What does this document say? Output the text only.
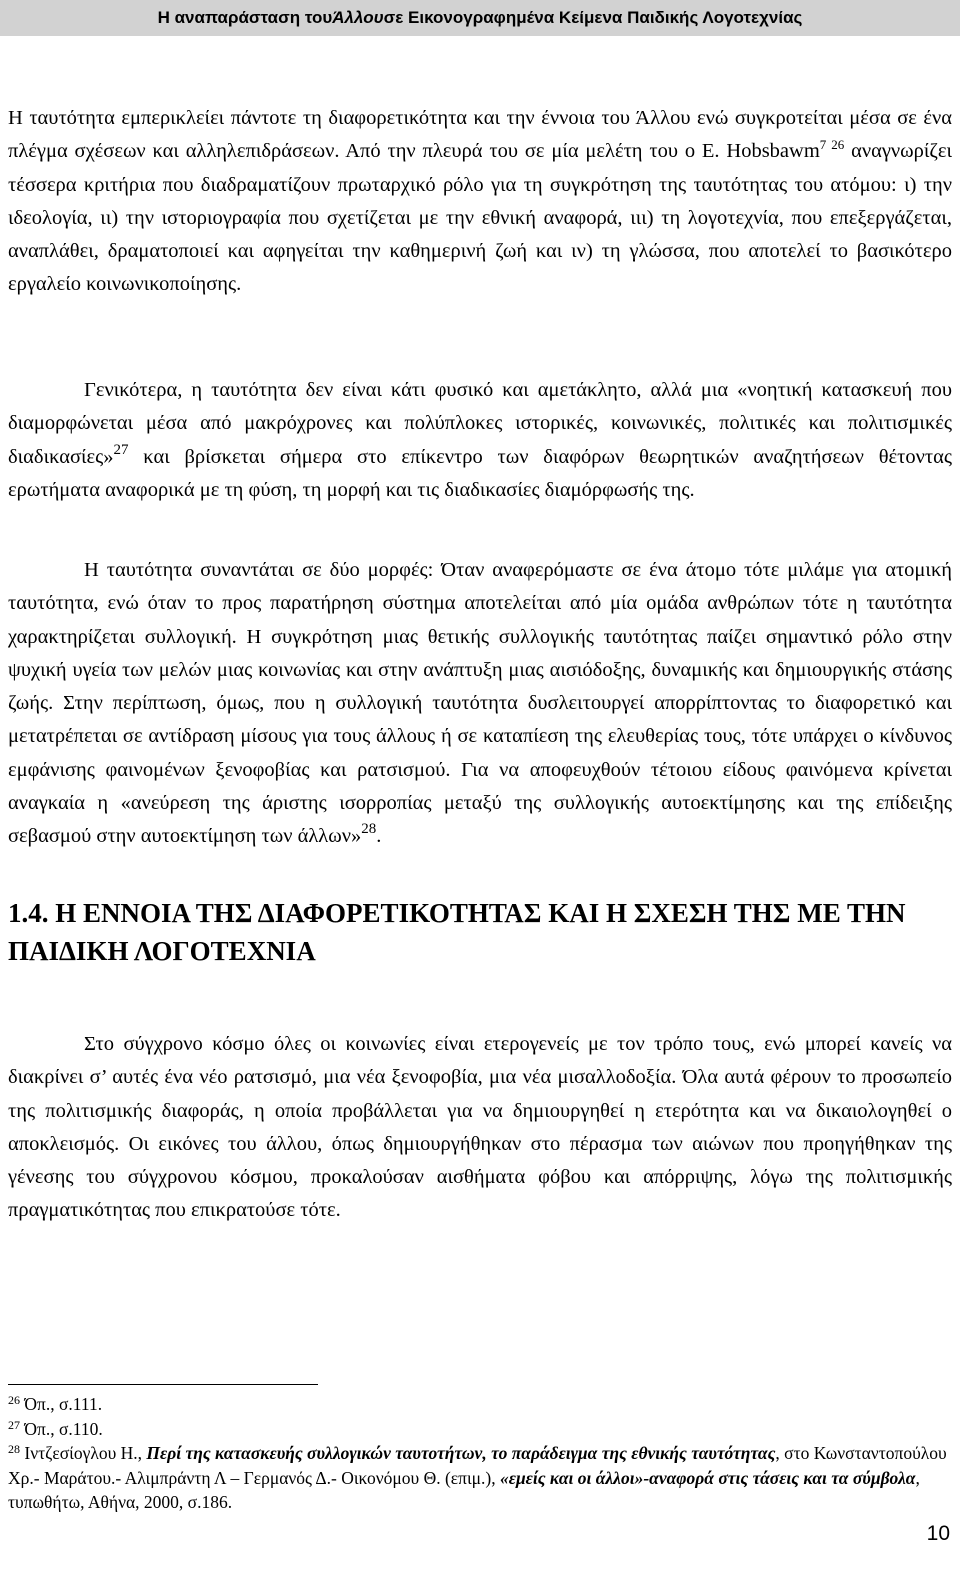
Η αναπαράσταση του Άλλου σε Εικονογραφημένα Κείμενα Παιδικής Λογοτεχνίας

Η ταυτότητα εμπερικλείει πάντοτε τη διαφορετικότητα και την έννοια του Άλλου ενώ συγκροτείται μέσα σε ένα πλέγμα σχέσεων και αλληλεπιδράσεων. Από την πλευρά του σε μία μελέτη του ο Ε. Hobsbawm$^{7 26}$ αναγνωρίζει τέσσερα κριτήρια που διαδραματίζουν πρωταρχικό ρόλο για τη συγκρότηση της ταυτότητας του ατόμου: ι) την ιδεολογία, ιι) την ιστοριογραφία που σχετίζεται με την εθνική αναφορά, ιιι) τη λογοτεχνία, που επεξεργάζεται, αναπλάθει, δραματοποιεί και αφηγείται την καθημερινή ζωή και ιν) τη γλώσσα, που αποτελεί το βασικότερο εργαλείο κοινωνικοποίησης.

Γενικότερα, η ταυτότητα δεν είναι κάτι φυσικό και αμετάκλητο, αλλά μια «νοητική κατασκευή που διαμορφώνεται μέσα από μακρόχρονες και πολύπλοκες ιστορικές, κοινωνικές, πολιτικές και πολιτισμικές διαδικασίες»$^{27}$ και βρίσκεται σήμερα στο επίκεντρο των διαφόρων θεωρητικών αναζητήσεων θέτοντας ερωτήματα αναφορικά με τη φύση, τη μορφή και τις διαδικασίες διαμόρφωσής της.

Η ταυτότητα συναντάται σε δύο μορφές: Όταν αναφερόμαστε σε ένα άτομο τότε μιλάμε για ατομική ταυτότητα, ενώ όταν το προς παρατήρηση σύστημα αποτελείται από μία ομάδα ανθρώπων τότε η ταυτότητα χαρακτηρίζεται συλλογική. Η συγκρότηση μιας θετικής συλλογικής ταυτότητας παίζει σημαντικό ρόλο στην ψυχική υγεία των μελών μιας κοινωνίας και στην ανάπτυξη μιας αισιόδοξης, δυναμικής και δημιουργικής στάσης ζωής. Στην περίπτωση, όμως, που η συλλογική ταυτότητα δυσλειτουργεί απορρίπτοντας το διαφορετικό και μετατρέπεται σε αντίδραση μίσους για τους άλλους ή σε καταπίεση της ελευθερίας τους, τότε υπάρχει ο κίνδυνος εμφάνισης φαινομένων ξενοφοβίας και ρατσισμού. Για να αποφευχθούν τέτοιου είδους φαινόμενα κρίνεται αναγκαία η «ανεύρεση της άριστης ισορροπίας μεταξύ της συλλογικής αυτοεκτίμησης και της επίδειξης σεβασμού στην αυτοεκτίμηση των άλλων»$^{28}$.

1.4. Η ΕΝΝΟΙΑ ΤΗΣ ΔΙΑΦΟΡΕΤΙΚΟΤΗΤΑΣ ΚΑΙ Η ΣΧΕΣΗ ΤΗΣ ΜΕ ΤΗΝ ΠΑΙΔΙΚΗ ΛΟΓΟΤΕΧΝΙΑ

Στο σύγχρονο κόσμο όλες οι κοινωνίες είναι ετερογενείς με τον τρόπο τους, ενώ μπορεί κανείς να διακρίνει σ’ αυτές ένα νέο ρατσισμό, μια νέα ξενοφοβία, μια νέα μισαλλοδοξία. Όλα αυτά φέρουν το προσωπείο της πολιτισμικής διαφοράς, η οποία προβάλλεται για να δημιουργηθεί η ετερότητα και να δικαιολογηθεί ο αποκλεισμός. Οι εικόνες του άλλου, όπως δημιουργήθηκαν στο πέρασμα των αιώνων που προηγήθηκαν της γένεσης του σύγχρονου κόσμου, προκαλούσαν αισθήματα φόβου και απόρριψης, λόγω της πολιτισμικής πραγματικότητας που επικρατούσε τότε.

$^{26}$ Όπ., σ.111.
$^{27}$ Όπ., σ.110.
$^{28}$ Ιντζεσίογλου Η., Περί της κατασκευής συλλογικών ταυτοτήτων, το παράδειγμα της εθνικής ταυτότητας, στο Κωνσταντοπούλου Χρ.- Μαράτου.- Αλιμπράντη Λ – Γερμανός Δ.- Οικονόμου Θ. (επιμ.), «εμείς και οι άλλοι»-αναφορά στις τάσεις και τα σύμβολα, τυπωθήτω, Αθήνα, 2000, σ.186.
10
